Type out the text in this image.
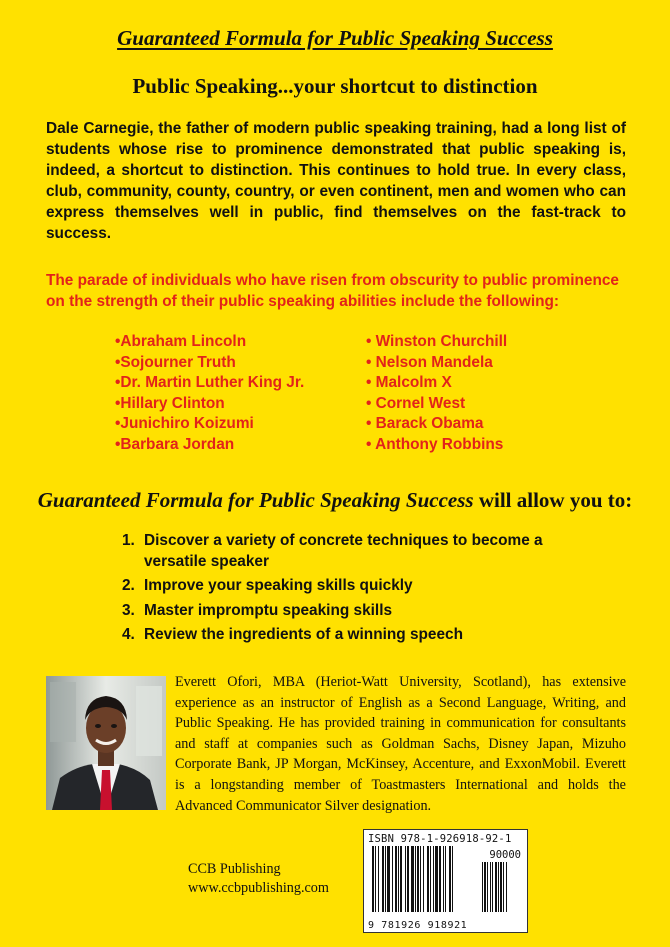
Guaranteed Formula for Public Speaking Success
Public Speaking...your shortcut to distinction
Dale Carnegie, the father of modern public speaking training, had a long list of students whose rise to prominence demonstrated that public speaking is, indeed, a shortcut to distinction. This continues to hold true. In every class, club, community, county, country, or even continent, men and women who can express themselves well in public, find themselves on the fast-track to success.
The parade of individuals who have risen from obscurity to public prominence on the strength of their public speaking abilities include the following:
• Abraham Lincoln
• Sojourner Truth
• Dr. Martin Luther King Jr.
• Hillary Clinton
• Junichiro Koizumi
• Barbara Jordan
• Winston Churchill
• Nelson Mandela
• Malcolm X
• Cornel West
• Barack Obama
• Anthony Robbins
Guaranteed Formula for Public Speaking Success will allow you to:
1. Discover a variety of concrete techniques to become a versatile speaker
2. Improve your speaking skills quickly
3. Master impromptu speaking skills
4. Review the ingredients of a winning speech
Everett Ofori, MBA (Heriot-Watt University, Scotland), has extensive experience as an instructor of English as a Second Language, Writing, and Public Speaking. He has provided training in communication for consultants and staff at companies such as Goldman Sachs, Disney Japan, Mizuho Corporate Bank, JP Morgan, McKinsey, Accenture, and ExxonMobil. Everett is a longstanding member of Toastmasters International and holds the Advanced Communicator Silver designation.
CCB Publishing
www.ccbpublishing.com
ISBN 978-1-926918-92-1
90000
9 781926 918921
